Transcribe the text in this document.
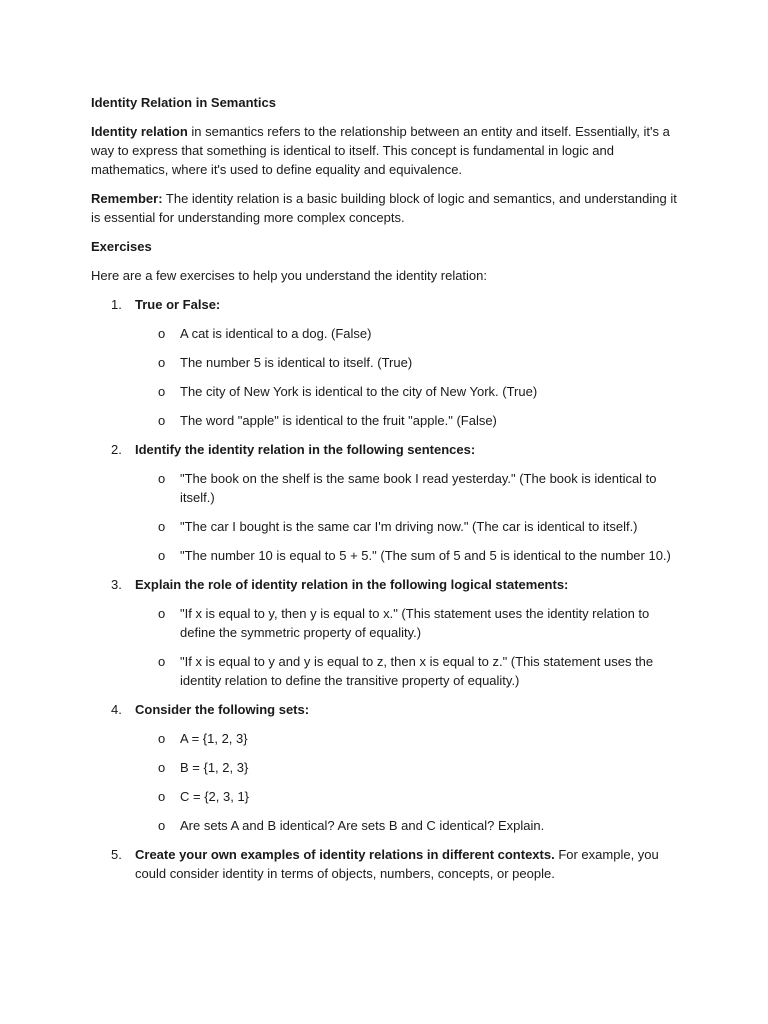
Identity Relation in Semantics

Identity relation in semantics refers to the relationship between an entity and itself. Essentially, it's a way to express that something is identical to itself. This concept is fundamental in logic and mathematics, where it's used to define equality and equivalence.

Remember: The identity relation is a basic building block of logic and semantics, and understanding it is essential for understanding more complex concepts.

Exercises

Here are a few exercises to help you understand the identity relation:

1. True or False:
o A cat is identical to a dog. (False)
o The number 5 is identical to itself. (True)
o The city of New York is identical to the city of New York. (True)
o The word "apple" is identical to the fruit "apple." (False)
2. Identify the identity relation in the following sentences:
o "The book on the shelf is the same book I read yesterday." (The book is identical to itself.)
o "The car I bought is the same car I'm driving now." (The car is identical to itself.)
o "The number 10 is equal to 5 + 5." (The sum of 5 and 5 is identical to the number 10.)
3. Explain the role of identity relation in the following logical statements:
o "If x is equal to y, then y is equal to x." (This statement uses the identity relation to define the symmetric property of equality.)
o "If x is equal to y and y is equal to z, then x is equal to z." (This statement uses the identity relation to define the transitive property of equality.)
4. Consider the following sets:
o A = {1, 2, 3}
o B = {1, 2, 3}
o C = {2, 3, 1}
o Are sets A and B identical? Are sets B and C identical? Explain.
5. Create your own examples of identity relations in different contexts. For example, you could consider identity in terms of objects, numbers, concepts, or people.
